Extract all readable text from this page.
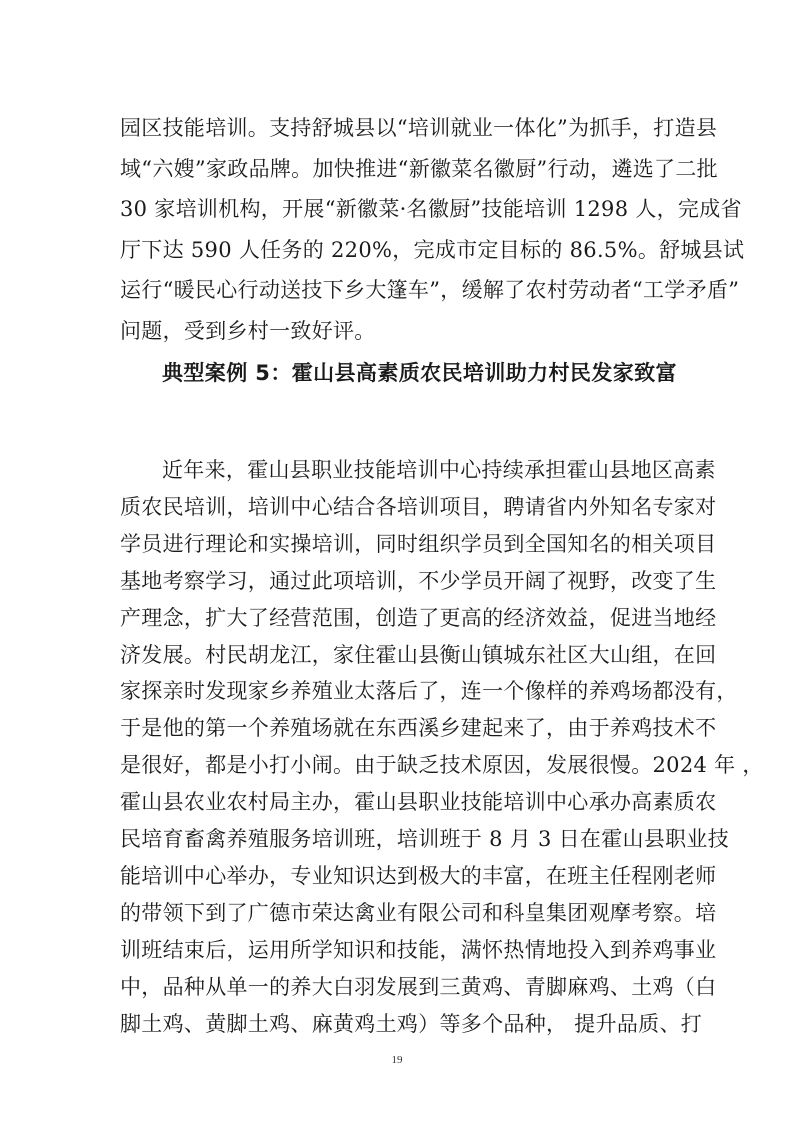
园区技能培训。支持舒城县以“培训就业一体化”为抓手，打造县
域“六嫂”家政品牌。加快推进“新徽菜名徽厨”行动，遴选了二批
30 家培训机构，开展“新徽菜·名徽厨”技能培训 1298 人，完成省
厅下达 590 人任务的 220%，完成市定目标的 86.5%。舒城县试
运行“暖民心行动送技下乡大篷车”，缓解了农村劳动者“工学矛盾”
问题，受到乡村一致好评。
典型案例 5：霍山县高素质农民培训助力村民发家致富
近年来，霍山县职业技能培训中心持续承担霍山县地区高素
质农民培训，培训中心结合各培训项目，聘请省内外知名专家对
学员进行理论和实操培训，同时组织学员到全国知名的相关项目
基地考察学习，通过此项培训，不少学员开阔了视野，改变了生
产理念，扩大了经营范围，创造了更高的经济效益，促进当地经
济发展。村民胡龙江，家住霍山县衡山镇城东社区大山组，在回
家探亲时发现家乡养殖业太落后了，连一个像样的养鸡场都没有，
于是他的第一个养殖场就在东西溪乡建起来了，由于养鸡技术不
是很好，都是小打小闹。由于缺乏技术原因，发展很慢。2024 年 ，
霍山县农业农村局主办，霍山县职业技能培训中心承办高素质农
民培育畜禽养殖服务培训班，培训班于 8 月 3 日在霍山县职业技
能培训中心举办，专业知识达到极大的丰富，在班主任程刚老师
的带领下到了广德市荣达禽业有限公司和科皇集团观摩考察。培
训班结束后，运用所学知识和技能，满怀热情地投入到养鸡事业
中，品种从单一的养大白羽发展到三黄鸡、青脚麻鸡、土鸡（白
脚土鸡、黄脚土鸡、麻黄鸡土鸡）等多个品种， 提升品质、打
19
